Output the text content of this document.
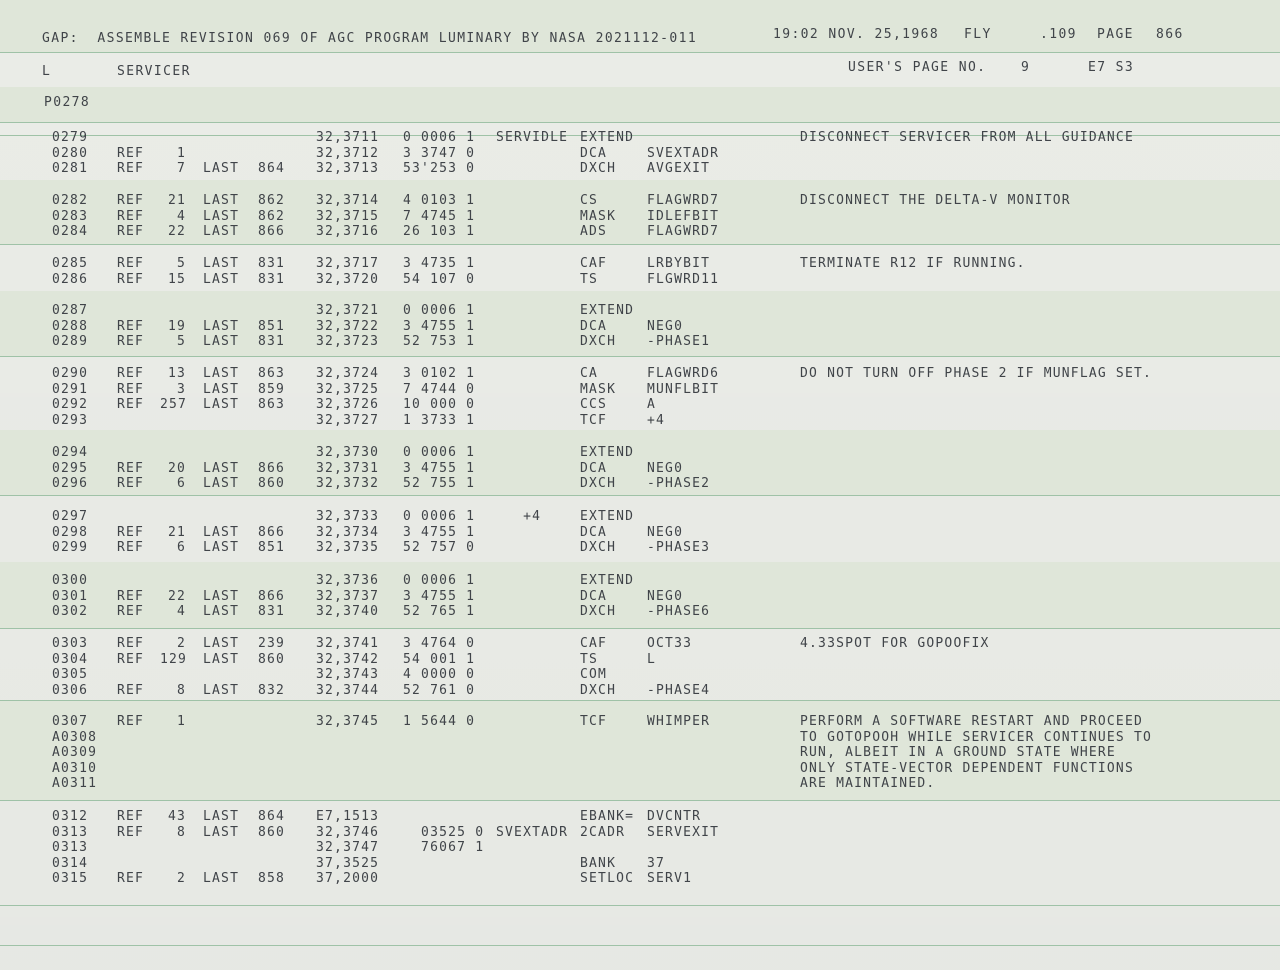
GAP:  ASSEMBLE REVISION 069 OF AGC PROGRAM LUMINARY BY NASA 2021112-011	19:02 NOV. 25,1968 FLY	.109 PAGE 866
L	SERVICER	USER'S PAGE NO.	9	E7 S3
P0278
0279	32,3711 0 0006 1 SERVIDLE EXTEND	DISCONNECT SERVICER FROM ALL GUIDANCE
0280 REF	1	32,3712 3 3747 0	DCA	SVEXTADR
0281 REF	7 LAST 864 32,3713 53'253 0	DXCH AVGEXIT
0282 REF	21 LAST 862 32,3714 4 0103 1	CS	FLAGWRD7	DISCONNECT THE DELTA-V MONITOR
0283 REF	4 LAST 862 32,3715 7 4745 1	MASK IDLEFBIT
0284 REF	22 LAST 866 32,3716 26 103 1	ADS	FLAGWRD7
0285 REF	5 LAST 831 32,3717 3 4735 1	CAF	LRBYBIT	TERMINATE R12 IF RUNNING.
0286 REF	15 LAST 831 32,3720 54 107 0	TS	FLGWRD11
0287	32,3721 0 0006 1	EXTEND
0288 REF	19 LAST 851 32,3722 3 4755 1	DCA	NEG0
0289 REF	5 LAST 831 32,3723 52 753 1	DXCH -PHASE1
0290 REF	13 LAST 863 32,3724 3 0102 1	CA	FLAGWRD6	DO NOT TURN OFF PHASE 2 IF MUNFLAG SET.
0291 REF	3 LAST 859 32,3725 7 4744 0	MASK MUNFLBIT
0292 REF 257 LAST 863 32,3726 10 000 0	CCS	A
0293	32,3727 1 3733 1	TCF	+4
0294	32,3730 0 0006 1	EXTEND
0295 REF	20 LAST 866 32,3731 3 4755 1	DCA	NEG0
0296 REF	6 LAST 860 32,3732 52 755 1	DXCH -PHASE2
0297	32,3733 0 0006 1 +4	EXTEND
0298 REF	21 LAST 866 32,3734 3 4755 1	DCA	NEG0
0299 REF	6 LAST 851 32,3735 52 757 0	DXCH -PHASE3
0300	32,3736 0 0006 1	EXTEND
0301 REF	22 LAST 866 32,3737 3 4755 1	DCA	NEG0
0302 REF	4 LAST 831 32,3740 52 765 1	DXCH -PHASE6
0303 REF	2 LAST 239 32,3741 3 4764 0	CAF	OCT33	4.33SPOT FOR GOPOOFIX
0304 REF 129 LAST 860 32,3742 54 001 1	TS	L
0305	32,3743 4 0000 0	COM
0306 REF	8 LAST 832 32,3744 52 761 0	DXCH -PHASE4
0307 REF	1	32,3745 1 5644 0	TCF	WHIMPER	PERFORM A SOFTWARE RESTART AND PROCEED
A0308	TO GOTOPOOH WHILE SERVICER CONTINUES TO
A0309	RUN, ALBEIT IN A GROUND STATE WHERE
A0310	ONLY STATE-VECTOR DEPENDENT FUNCTIONS
A0311	ARE MAINTAINED.
0312 REF	43 LAST 864 E7,1513	EBANK= DVCNTR
0313 REF	8 LAST 860 32,3746 03525 0 SVEXTADR 2CADR SERVEXIT
0313	32,3747 76067 1
0314	37,3525	BANK 37
0315 REF	2 LAST 858 37,2000	SETLOC SERV1
